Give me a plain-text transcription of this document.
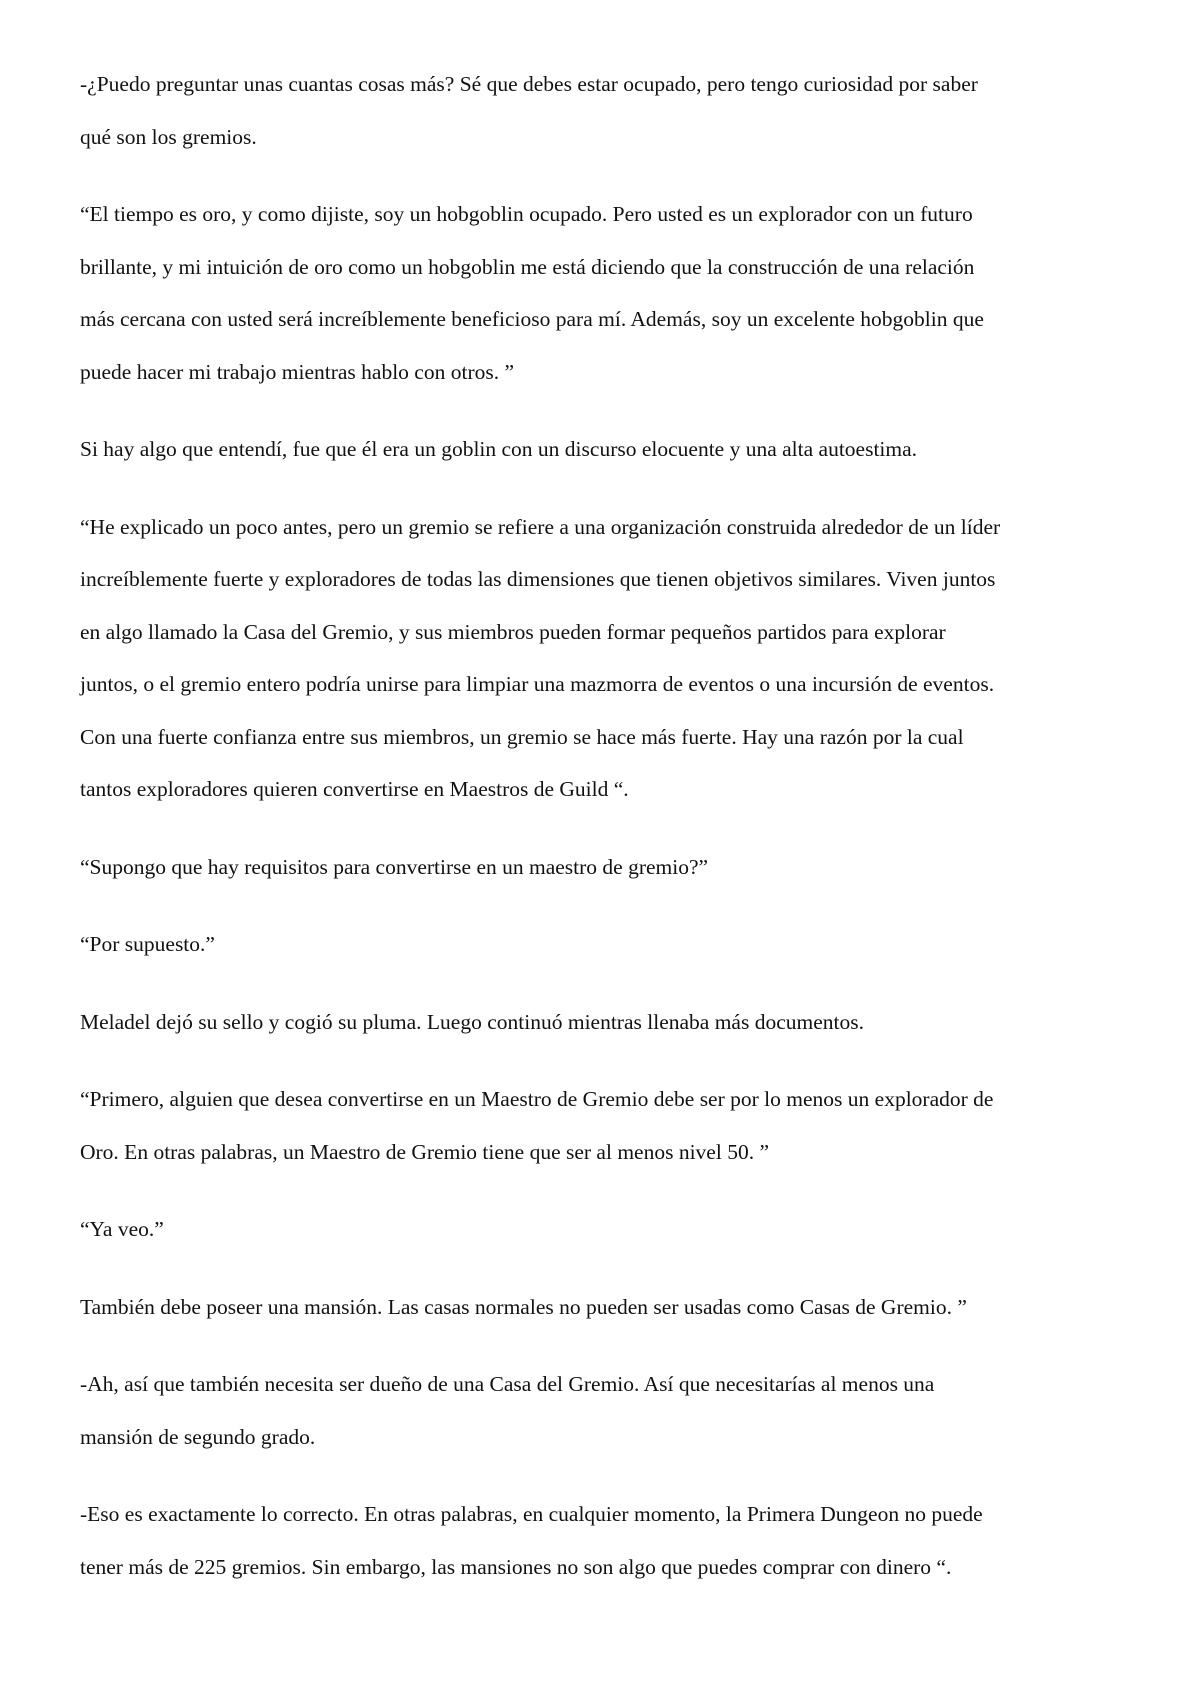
-¿Puedo preguntar unas cuantas cosas más? Sé que debes estar ocupado, pero tengo curiosidad por saber
qué son los gremios.

“El tiempo es oro, y como dijiste, soy un hobgoblin ocupado. Pero usted es un explorador con un futuro
brillante, y mi intuición de oro como un hobgoblin me está diciendo que la construcción de una relación
más cercana con usted será increíblemente beneficioso para mí. Además, soy un excelente hobgoblin que
puede hacer mi trabajo mientras hablo con otros. ”

Si hay algo que entendí, fue que él era un goblin con un discurso elocuente y una alta autoestima.

“He explicado un poco antes, pero un gremio se refiere a una organización construida alrededor de un líder
increíblemente fuerte y exploradores de todas las dimensiones que tienen objetivos similares. Viven juntos
en algo llamado la Casa del Gremio, y sus miembros pueden formar pequeños partidos para explorar
juntos, o el gremio entero podría unirse para limpiar una mazmorra de eventos o una incursión de eventos.
Con una fuerte confianza entre sus miembros, un gremio se hace más fuerte. Hay una razón por la cual
tantos exploradores quieren convertirse en Maestros de Guild “.

“Supongo que hay requisitos para convertirse en un maestro de gremio?”

“Por supuesto.”

Meladel dejó su sello y cogió su pluma. Luego continuó mientras llenaba más documentos.

“Primero, alguien que desea convertirse en un Maestro de Gremio debe ser por lo menos un explorador de
Oro. En otras palabras, un Maestro de Gremio tiene que ser al menos nivel 50. ”

“Ya veo.”

También debe poseer una mansión. Las casas normales no pueden ser usadas como Casas de Gremio. ”

-Ah, así que también necesita ser dueño de una Casa del Gremio. Así que necesitarías al menos una
mansión de segundo grado.

-Eso es exactamente lo correcto. En otras palabras, en cualquier momento, la Primera Dungeon no puede
tener más de 225 gremios. Sin embargo, las mansiones no son algo que puedes comprar con dinero “.
